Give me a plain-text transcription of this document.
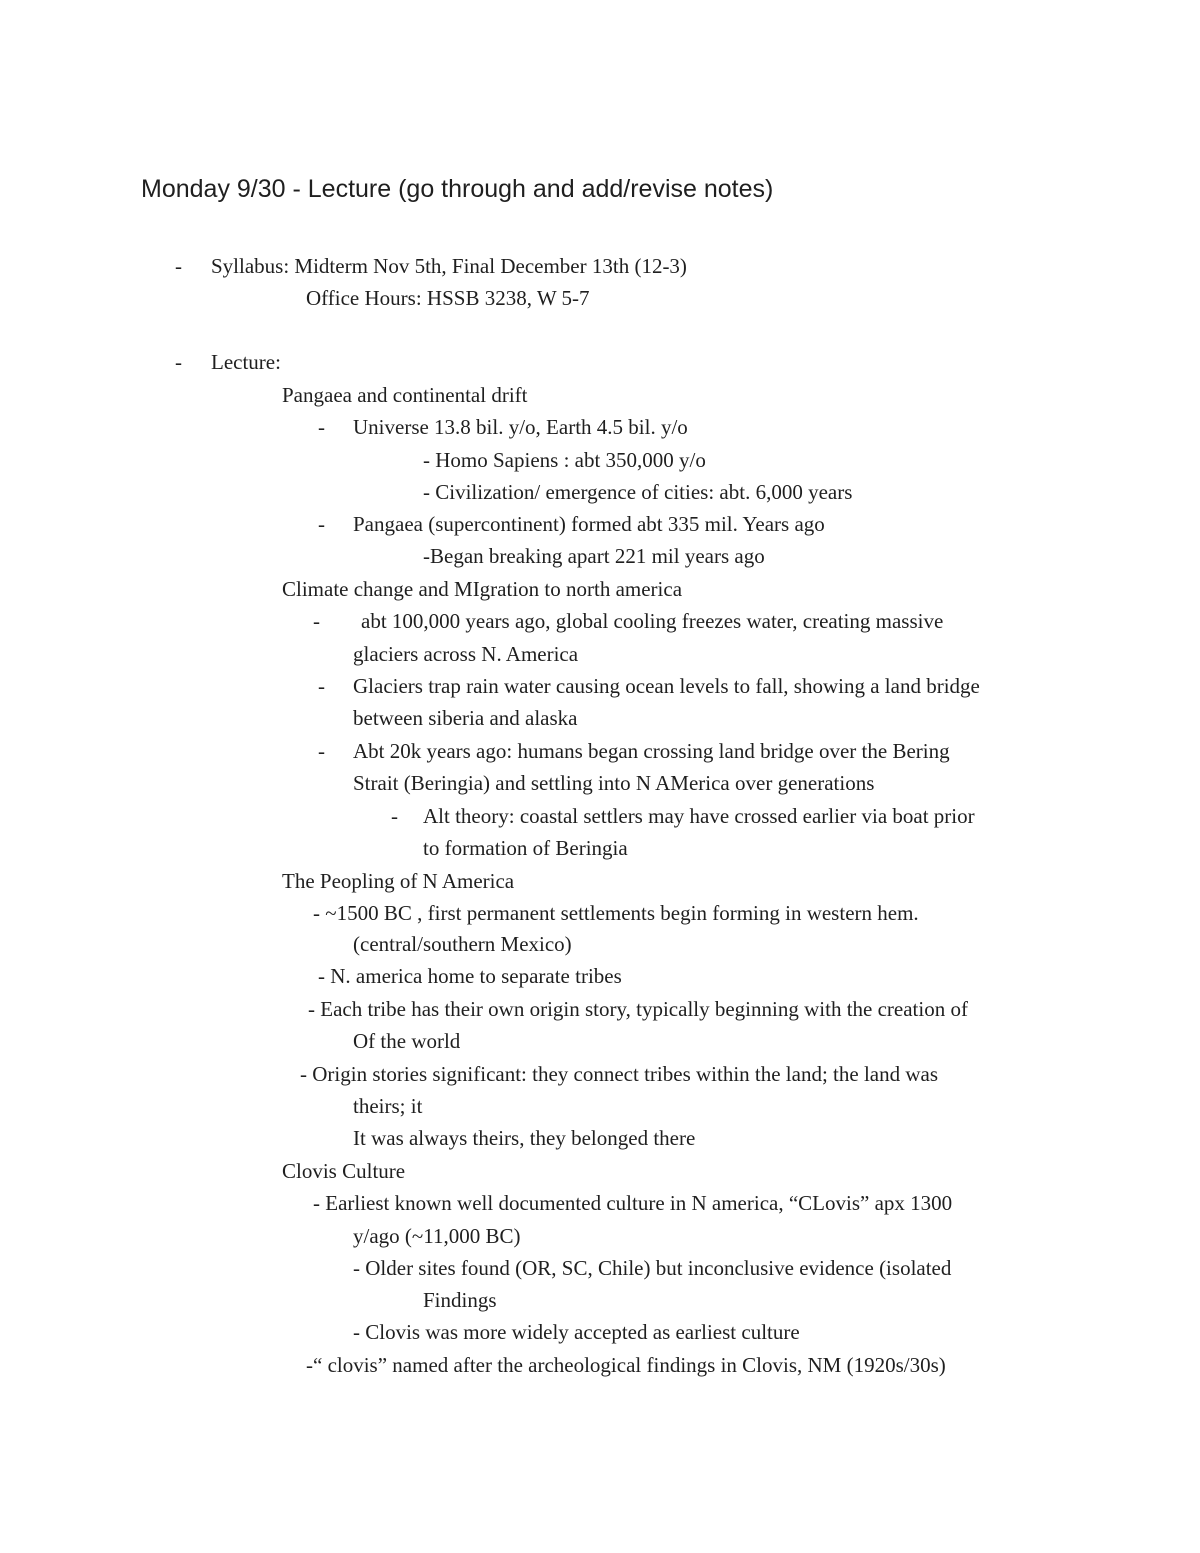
Monday 9/30 - Lecture (go through and add/revise notes)
- Syllabus: Midterm Nov 5th, Final December 13th (12-3)
Office Hours: HSSB 3238, W 5-7
- Lecture:
Pangaea and continental drift
- Universe 13.8 bil. y/o, Earth 4.5 bil. y/o
- Homo Sapiens : abt 350,000 y/o
- Civilization/ emergence of cities: abt. 6,000 years
- Pangaea (supercontinent) formed abt 335 mil. Years ago
-Began breaking apart 221 mil years ago
Climate change and MIgration to north america
- abt 100,000 years ago, global cooling freezes water, creating massive
glaciers across N. America
- Glaciers trap rain water causing ocean levels to fall, showing a land bridge
between siberia and alaska
- Abt 20k years ago: humans began crossing land bridge over the Bering
Strait (Beringia) and settling into N AMerica over generations
- Alt theory: coastal settlers may have crossed earlier via boat prior
to formation of Beringia
The Peopling of N America
- ~1500 BC , first permanent settlements begin forming in western hem.
(central/southern Mexico)
- N. america home to separate tribes
- Each tribe has their own origin story, typically beginning with the creation of
Of the world
- Origin stories significant: they connect tribes within the land; the land was
theirs; it
It was always theirs, they belonged there
Clovis Culture
- Earliest known well documented culture in N america, “CLovis” apx 1300
y/ago (~11,000 BC)
- Older sites found (OR, SC, Chile) but inconclusive evidence (isolated
Findings
- Clovis was more widely accepted as earliest culture
-“ clovis” named after the archeological findings in Clovis, NM (1920s/30s)
